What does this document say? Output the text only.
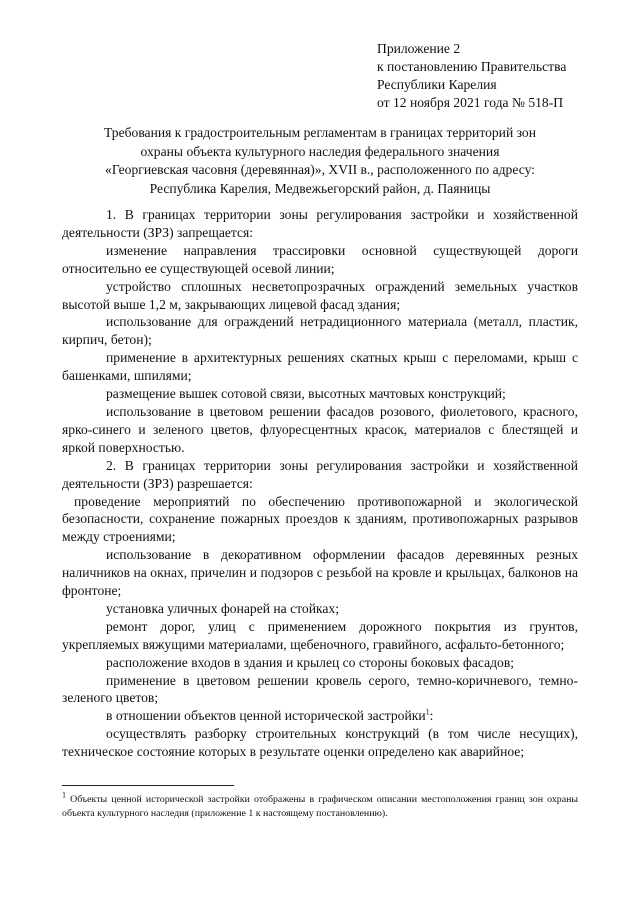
Приложение 2
к постановлению Правительства
Республики Карелия
от 12 ноября 2021 года № 518-П
Требования к градостроительным регламентам в границах территорий зон
охраны объекта культурного наследия федерального значения
«Георгиевская часовня (деревянная)», XVII в., расположенного по адресу:
Республика Карелия, Медвежьегорский район, д. Паяницы

1. В границах территории зоны регулирования застройки и хозяйственной деятельности (ЗРЗ) запрещается:

изменение направления трассировки основной существующей дороги относительно ее существующей осевой линии;

устройство сплошных несветопрозрачных ограждений земельных участков высотой выше 1,2 м, закрывающих лицевой фасад здания;

использование для ограждений нетрадиционного материала (металл, пластик, кирпич, бетон);

применение в архитектурных решениях скатных крыш с переломами, крыш с башенками, шпилями;

размещение вышек сотовой связи, высотных мачтовых конструкций;

использование в цветовом решении фасадов розового, фиолетового, красного, ярко-синего и зеленого цветов, флуоресцентных красок, материалов с блестящей и яркой поверхностью.

2. В границах территории зоны регулирования застройки и хозяйственной деятельности (ЗРЗ) разрешается:

проведение мероприятий по обеспечению противопожарной и экологической безопасности, сохранение пожарных проездов к зданиям, противопожарных разрывов между строениями;

использование в декоративном оформлении фасадов деревянных резных наличников на окнах, причелин и подзоров с резьбой на кровле и крыльцах, балконов на фронтоне;

установка уличных фонарей на стойках;

ремонт дорог, улиц с применением дорожного покрытия из грунтов, укрепляемых вяжущими материалами, щебеночного, гравийного, асфальто-бетонного;

расположение входов в здания и крылец со стороны боковых фасадов;

применение в цветовом решении кровель серого, темно-коричневого, темно-зеленого цветов;

в отношении объектов ценной исторической застройки$^1$:

осуществлять разборку строительных конструкций (в том числе несущих), техническое состояние которых в результате оценки определено как аварийное;

$^1$ Объекты ценной исторической застройки отображены в графическом описании местоположения границ зон охраны объекта культурного наследия (приложение 1 к настоящему постановлению).
